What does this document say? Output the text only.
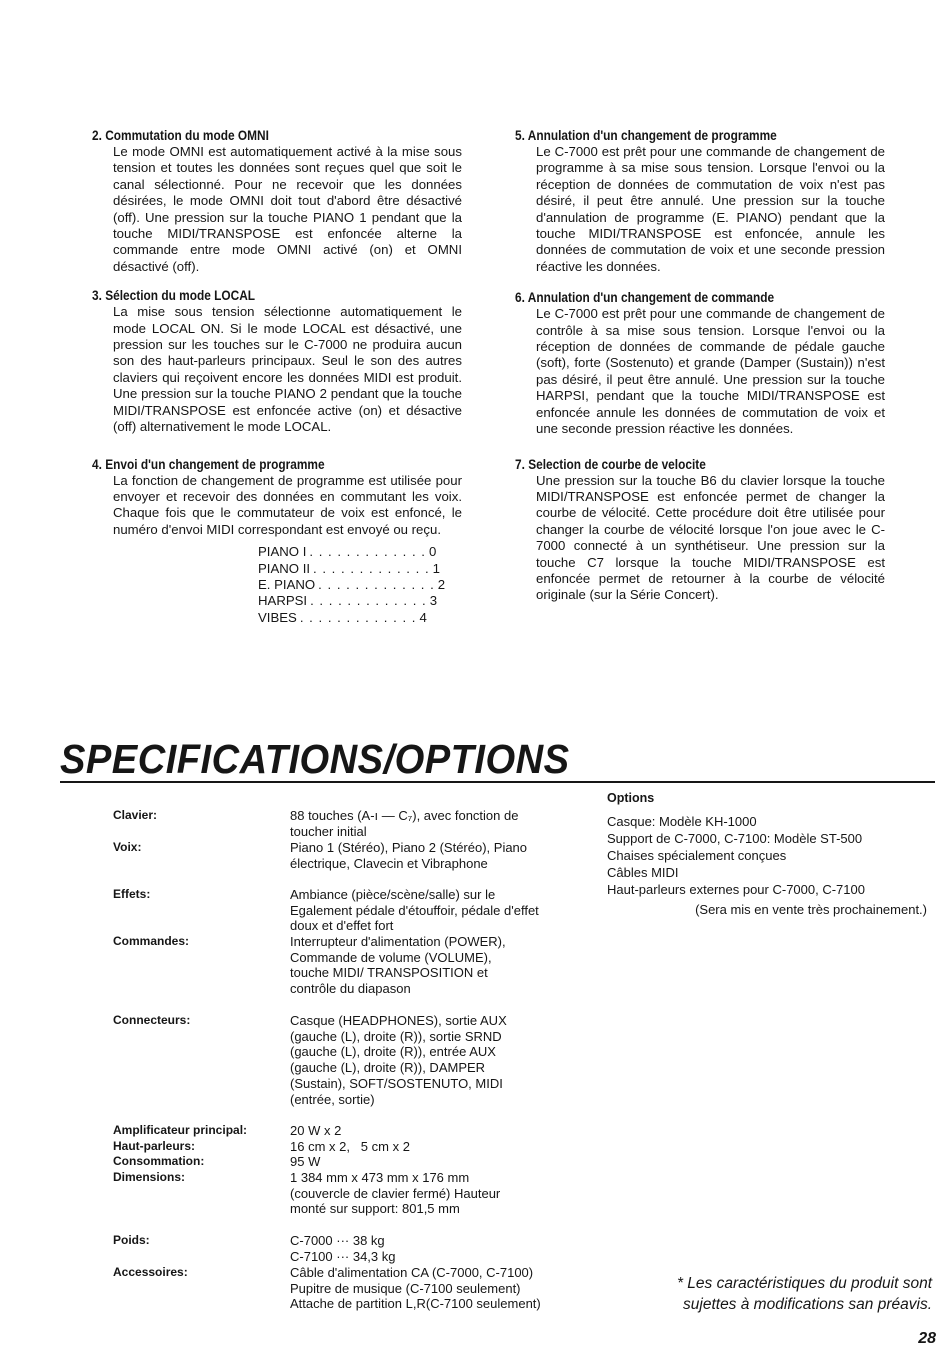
2. Commutation du mode OMNI
Le mode OMNI est automatiquement activé à la mise sous tension et toutes les données sont reçues quel que soit le canal sélectionné. Pour ne recevoir que les données désirées, le mode OMNI doit tout d'abord être désactivé (off). Une pression sur la touche PIANO 1 pendant que la touche MIDI/TRANSPOSE est enfoncée alterne la commande entre mode OMNI activé (on) et OMNI désactivé (off).
3. Sélection du mode LOCAL
La mise sous tension sélectionne automatiquement le mode LOCAL ON. Si le mode LOCAL est désactivé, une pression sur les touches sur le C-7000 ne produira aucun son des haut-parleurs principaux. Seul le son des autres claviers qui reçoivent encore les données MIDI est produit. Une pression sur la touche PIANO 2 pendant que la touche MIDI/TRANSPOSE est enfoncée active (on) et désactive (off) alternativement le mode LOCAL.
4. Envoi d'un changement de programme
La fonction de changement de programme est utilisée pour envoyer et recevoir des données en commutant les voix. Chaque fois que le commutateur de voix est enfoncé, le numéro d'envoi MIDI correspondant est envoyé ou reçu.
PIANO I . . . . . . . . . . . . . 0
PIANO II . . . . . . . . . . . . . 1
E. PIANO . . . . . . . . . . . . . 2
HARPSI . . . . . . . . . . . . . 3
VIBES . . . . . . . . . . . . . 4
5. Annulation d'un changement de programme
Le C-7000 est prêt pour une commande de changement de programme à sa mise sous tension. Lorsque l'envoi ou la réception de données de commutation de voix n'est pas désiré, il peut être annulé. Une pression sur la touche d'annulation de programme (E. PIANO) pendant que la touche MIDI/TRANSPOSE est enfoncée, annule les données de commutation de voix et une seconde pression réactive les données.
6. Annulation d'un changement de commande
Le C-7000 est prêt pour une commande de changement de contrôle à sa mise sous tension. Lorsque l'envoi ou la réception de données de commande de pédale gauche (soft), forte (Sostenuto) et grande (Damper (Sustain)) n'est pas désiré, il peut être annulé. Une pression sur la touche HARPSI, pendant que la touche MIDI/TRANSPOSE est enfoncée annule les données de commutation de voix et une seconde pression réactive les données.
7. Selection de courbe de velocite
Une pression sur la touche B6 du clavier lorsque la touche MIDI/TRANSPOSE est enfoncée permet de changer la courbe de vélocité. Cette procédure doit être utilisée pour changer la courbe de vélocité lorsque l'on joue avec le C-7000 connecté à un synthétiseur. Une pression sur la touche C7 lorsque la touche MIDI/TRANSPOSE est enfoncée permet de retourner à la courbe de vélocité originale (sur la Série Concert).
SPECIFICATIONS/OPTIONS
Clavier:	88 touches (A-ı — C₇), avec fonction de toucher initial
Voix:	Piano 1 (Stéréo), Piano 2 (Stéréo), Piano électrique, Clavecin et Vibraphone
Effets:	Ambiance (pièce/scène/salle) sur le Egalement pédale d'étouffoir, pédale d'effet doux et d'effet fort
Commandes:	Interrupteur d'alimentation (POWER), Commande de volume (VOLUME), touche MIDI/ TRANSPOSITION et contrôle du diapason
Connecteurs:	Casque (HEADPHONES), sortie AUX (gauche (L), droite (R)), sortie SRND (gauche (L), droite (R)), entrée AUX (gauche (L), droite (R)), DAMPER (Sustain), SOFT/SOSTENUTO, MIDI (entrée, sortie)
Amplificateur principal:	20 W x 2
Haut-parleurs:	16 cm x 2,   5 cm x 2
Consommation:	95 W
Dimensions:	1 384 mm x 473 mm x 176 mm (couvercle de clavier fermé) Hauteur monté sur support: 801,5 mm
Poids:	C-7000 ··· 38 kg
C-7100 ··· 34,3 kg
Accessoires:	Câble d'alimentation CA (C-7000, C-7100)
Pupitre de musique (C-7100 seulement)
Attache de partition L,R(C-7100 seulement)
Options
Casque: Modèle KH-1000
Support de C-7000, C-7100: Modèle ST-500
Chaises spécialement conçues
Câbles MIDI
Haut-parleurs externes pour C-7000, C-7100
(Sera mis en vente très prochainement.)
* Les caractéristiques du produit sont sujettes à modifications san préavis.
28
